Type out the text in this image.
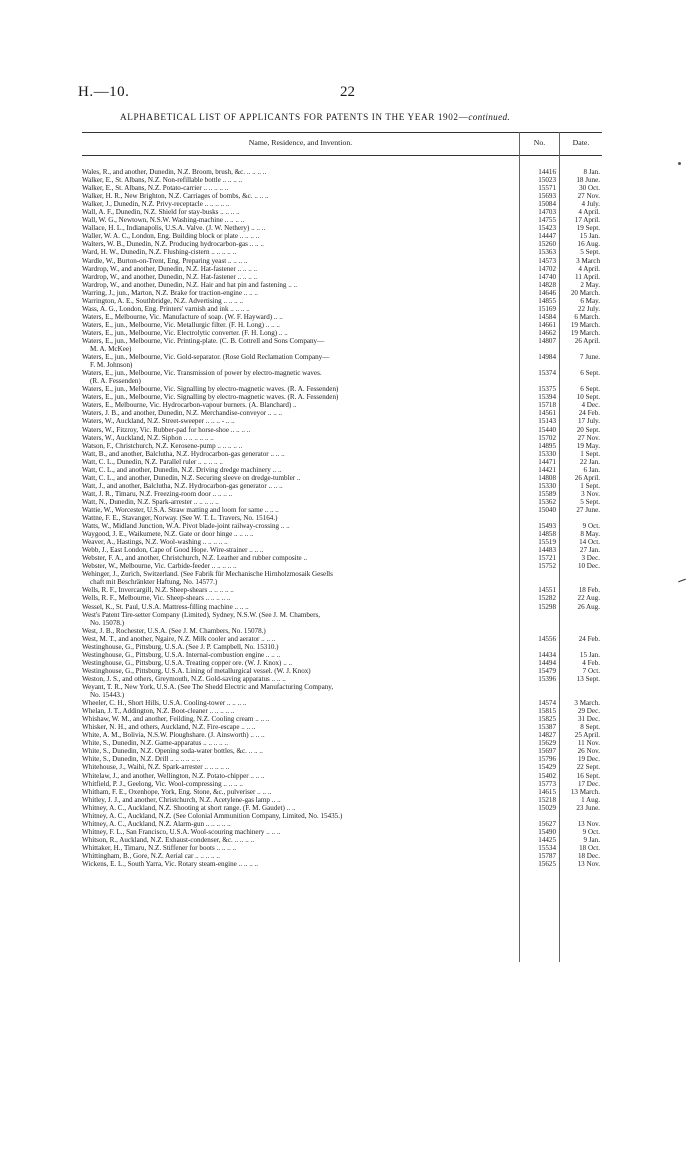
H.—10.	22
ALPHABETICAL LIST OF APPLICANTS FOR PATENTS IN THE YEAR 1902—continued.
Name, Residence, and Invention.	No.	Date.
Wales, R., and another, Dunedin, N.Z. Broom, brush, &c. .. .. .. ..	14416	8 Jan.
Walker, E., St. Albans, N.Z. Non-refillable bottle .. .. .. ..	15023	18 June.
Walker, E., St. Albans, N.Z. Potato-carrier .. .. .. .. ..	15571	30 Oct.
Walker, H. R., New Brighton, N.Z. Carriages of bombs, &c. .. .. ..	15693	27 Nov.
Walker, J., Dunedin, N.Z. Privy-receptacle .. .. .. .. ..	15084	4 July.
Wall, A. F., Dunedin, N.Z. Shield for stay-busks .. .. .. ..	14703	4 April.
Wall, W. G., Newtown, N.S.W. Washing-machine .. .. .. ..	14755	17 April.
Wallace, H. L., Indianapolis, U.S.A. Valve. (J. W. Nethery) .. .. ..	15423	19 Sept.
Waller, W. A. C., London, Eng. Building block or plate .. .. .. ..	14447	15 Jan.
Walters, W. B., Dunedin, N.Z. Producing hydrocarbon-gas .. .. ..	15260	16 Aug.
Ward, H. W., Dunedin, N.Z. Flushing-cistern .. .. .. .. ..	15363	5 Sept.
Wardle, W., Burton-on-Trent, Eng. Preparing yeast .. .. .. ..	14573	3 March
Wardrop, W., and another, Dunedin, N.Z. Hat-fastener .. .. .. ..	14702	4 April.
Wardrop, W., and another, Dunedin, N.Z. Hat-fastener .. .. .. ..	14740	11 April.
Wardrop, W., and another, Dunedin, N.Z. Hair and hat pin and fastening .. ..	14828	2 May.
Warring, J., jun., Marton, N.Z. Brake for traction-engine .. .. ..	14646	20 March.
Warrington, A. E., Southbridge, N.Z. Advertising .. .. .. ..	14855	6 May.
Wass, A. G., London, Eng. Printers' varnish and ink .. .. .. ..	15169	22 July.
Waters, E., Melbourne, Vic. Manufacture of soap. (W. F. Hayward) .. ..	14584	6 March.
Waters, E., jun., Melbourne, Vic. Metallurgic filter. (F. H. Long) .. .. ..	14661	19 March.
Waters, E., jun., Melbourne, Vic. Electrolytic converter. (F. H. Long) .. ..	14662	19 March.
Waters, E., jun., Melbourne, Vic. Printing-plate. (C. B. Cottrell and Sons Company—
M. A. McKee)
14807	26 April.
Waters, E., jun., Melbourne, Vic. Gold-separator. (Rose Gold Reclamation Company—
F. M. Johnson)
14984	7 June.
Waters, E., jun., Melbourne, Vic. Transmission of power by electro-magnetic waves.
(R. A. Fessenden)
15374	6 Sept.
Waters, E., jun., Melbourne, Vic. Signalling by electro-magnetic waves. (R. A. Fessenden)	15375	6 Sept.
Waters, E., jun., Melbourne, Vic. Signalling by electro-magnetic waves. (R. A. Fessenden)	15394	10 Sept.
Waters, E., Melbourne, Vic. Hydrocarbon-vapour burners. (A. Blanchard) ..	15718	4 Dec.
Waters, J. B., and another, Dunedin, N.Z. Merchandise-conveyor .. .. ..	14561	24 Feb.
Waters, W., Auckland, N.Z. Street-sweeper .. .. .. - .. ..	15143	17 July.
Waters, W., Fitzroy, Vic. Rubber-pad for horse-shoe .. .. .. ..	15440	20 Sept.
Waters, W., Auckland, N.Z. Siphon .. .. .. .. .. ..	15702	27 Nov.
Watson, F., Christchurch, N.Z. Kerosene-pump .. .. .. .. ..	14895	19 May.
Watt, B., and another, Balclutha, N.Z. Hydrocarbon-gas generator .. .. ..	15330	1 Sept.
Watt, C. L., Dunedin, N.Z. Parallel ruler .. .. .. .. ..	14471	22 Jan.
Watt, C. L., and another, Dunedin, N.Z. Driving dredge machinery .. ..	14421	6 Jan.
Watt, C. L., and another, Dunedin, N.Z. Securing sleeve on dredge-tumbler ..	14808	26 April.
Watt, J., and another, Balclutha, N.Z. Hydrocarbon-gas generator .. .. ..	15330	1 Sept.
Watt, J. R., Timaru, N.Z. Freezing-room door .. .. .. ..	15589	3 Nov.
Watt, N., Dunedin, N.Z. Spark-arrester .. .. .. .. ..	15362	5 Sept.
Wattie, W., Worcester, U.S.A. Straw matting and loom for same .. .. ..	15040	27 June.
Wattne, F. E., Stavanger, Norway. (See W. T. L. Travers, No. 15164.)
Watts, W., Midland Junction, W.A. Pivot blade-joint railway-crossing .. ..	15493	9 Oct.
Waygood, J. E., Waikumete, N.Z. Gate or door hinge .. .. .. ..	14858	8 May.
Weaver, A., Hastings, N.Z. Wool-washing .. .. .. .. ..	15519	14 Oct.
Webb, J., East London, Cape of Good Hope. Wire-strainer .. .. ..	14483	27 Jan.
Webster, F. A., and another, Christchurch, N.Z. Leather and rubber composite ..	15721	3 Dec.
Webster, W., Melbourne, Vic. Carbide-feeder .. .. .. .. ..	15752	10 Dec.
Wehinger, J., Zurich, Switzerland. (See Fabrik für Mechanische Hirnholzmosaik Gesells
chaft mit Beschränkter Haftung, No. 14577.)
Wells, R. F., Invercargill, N.Z. Sheep-shears .. .. .. .. ..	14551	18 Feb.
Wells, R. F., Melbourne, Vic. Sheep-shears .. .. .. .. ..	15282	22 Aug.
Wessel, K., St. Paul, U.S.A. Mattress-filling machine .. .. ..	15298	26 Aug.
West's Patent Tire-setter Company (Limited), Sydney, N.S.W. (See J. M. Chambers,
No. 15078.)
West, J. B., Rochester, U.S.A. (See J. M. Chambers, No. 15078.)
West, M. T., and another, Ngaire, N.Z. Milk cooler and aerator .. .. ..	14556	24 Feb.
Westinghouse, G., Pittsburg, U.S.A. (See J. P. Campbell, No. 15310.)
Westinghouse, G., Pittsburg, U.S.A. Internal-combustion engine .. .. ..	14434	15 Jan.
Westinghouse, G., Pittsburg, U.S.A. Treating copper ore. (W. J. Knox) .. ..	14494	4 Feb.
Westinghouse, G., Pittsburg, U.S.A. Lining of metallurgical vessel. (W. J. Knox)	15479	7 Oct.
Weston, J. S., and others, Greymouth, N.Z. Gold-saving apparatus .. .. ..	15396	13 Sept.
Weyant, T. R., New York, U.S.A. (See The Shedd Electric and Manufacturing Company,
No. 15443.)
Wheeler, C. H., Short Hills, U.S.A. Cooling-tower .. .. .. ..	14574	3 March.
Whelan, J. T., Addington, N.Z. Boot-cleaner .. .. .. .. ..	15815	29 Dec.
Whishaw, W. M., and another, Feilding, N.Z. Cooling cream .. .. ..	15825	31 Dec.
Whisker, N. H., and others, Auckland, N.Z. Fire-escape .. .. ..	15387	8 Sept.
White, A. M., Bolivia, N.S.W. Ploughshare. (J. Ainsworth) .. .. ..	14827	25 April.
White, S., Dunedin, N.Z. Game-apparatus .. .. .. .. ..	15629	11 Nov.
White, S., Dunedin, N.Z. Opening soda-water bottles, &c. .. .. ..	15697	26 Nov.
White, S., Dunedin, N.Z. Drill .. .. .. .. .. ..	15796	19 Dec.
Whitehouse, J., Waihi, N.Z. Spark-arrester .. .. .. .. ..	15429	22 Sept.
Whitelaw, J., and another, Wellington, N.Z. Potato-chipper .. .. ..	15402	16 Sept.
Whitfield, P. J., Geelong, Vic. Wool-compressing .. .. .. ..	15773	17 Dec.
Whitham, F. E., Oxenhope, York, Eng. Stone, &c., pulveriser .. .. ..	14615	13 March.
Whitley, J. J., and another, Christchurch, N.Z. Acetylene-gas lamp .. ..	15218	1 Aug.
Whitney, A. C., Auckland, N.Z. Shooting at short range. (F. M. Gaudet) .. ..	15029	23 June.
Whitney, A. C., Auckland, N.Z. (See Colonial Ammunition Company, Limited, No. 15435.)
Whitney, A. C., Auckland, N.Z. Alarm-gun .. .. .. .. ..	15627	13 Nov.
Whitney, F. L., San Francisco, U.S.A. Wool-scouring machinery .. .. ..	15490	9 Oct.
Whitson, R., Auckland, N.Z. Exhaust-condenser, &c. .. .. .. ..	14425	9 Jan.
Whittaker, H., Timaru, N.Z. Stiffener for boots .. .. .. ..	15534	18 Oct.
Whittingham, B., Gore, N.Z. Aerial car .. .. .. .. ..	15787	18 Dec.
Wickens, E. L., South Yarra, Vic. Rotary steam-engine .. .. .. ..	15625	13 Nov.
